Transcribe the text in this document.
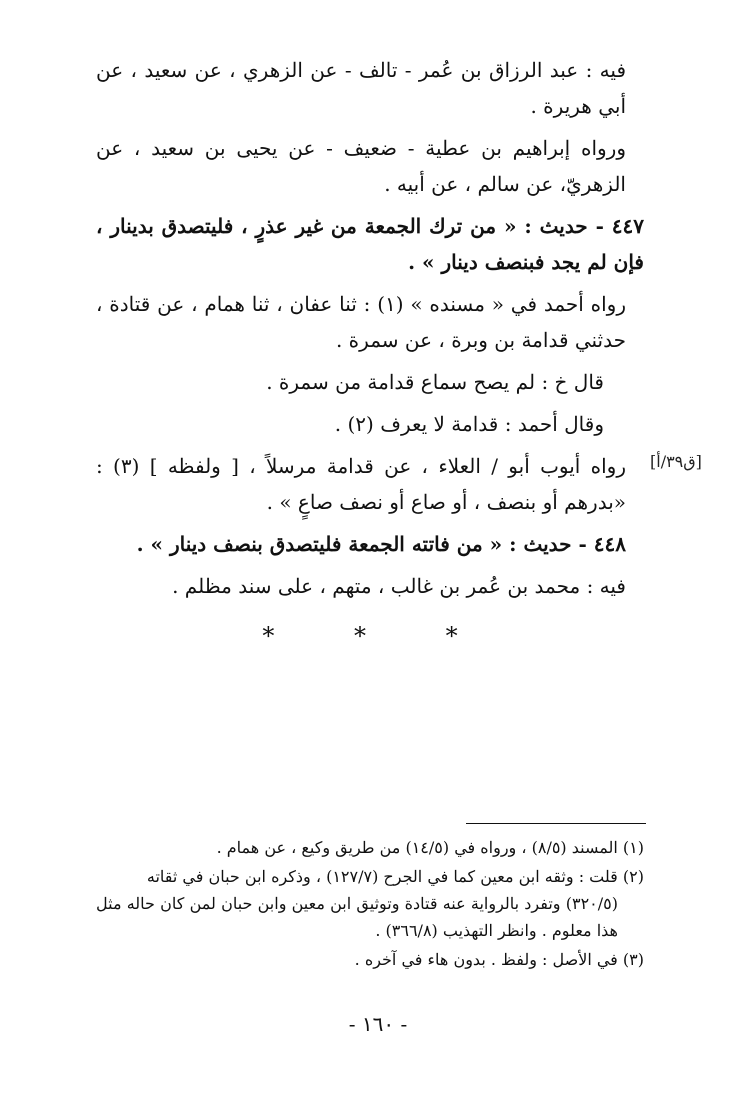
فيه : عبد الرزاق بن عُمر - تالف - عن الزهري ، عن سعيد ، عن أبي هريرة .

ورواه إبراهيم بن عطية - ضعيف - عن يحيى بن سعيد ، عن الزهريّ، عن سالم ، عن أبيه .

٤٤٧ - حديث : « من ترك الجمعة من غير عذرٍ ، فليتصدق بدينار ، فإن لم يجد فبنصف دينار » .

رواه أحمد في « مسنده » (١) : ثنا عفان ، ثنا همام ، عن قتادة ، حدثني قدامة بن وبرة ، عن سمرة .

قال خ : لم يصح سماع قدامة من سمرة .

وقال أحمد : قدامة لا يعرف (٢) .

رواه أيوب أبو / العلاء ، عن قدامة مرسلاً ، [ ولفظه ] (٣) : «بدرهم أو بنصف ، أو صاع أو نصف صاعٍ » .

٤٤٨ - حديث : « من فاتته الجمعة فليتصدق بنصف دينار » .

فيه : محمد بن عُمر بن غالب ، متهم ، على سند مظلم .

[ق٣٩/أ]
* * *

(١) المسند (٨/٥) ، ورواه في (١٤/٥) من طريق وكيع ، عن همام .

(٢) قلت : وثقه ابن معين كما في الجرح (١٢٧/٧) ، وذكره ابن حبان في ثقاته
(٣٢٠/٥) وتفرد بالرواية عنه قتادة وتوثيق ابن معين وابن حبان لمن كان حاله مثل هذا معلوم . وانظر التهذيب (٣٦٦/٨) .

(٣) في الأصل : ولفظ . بدون هاء في آخره .

- ١٦٠ -
